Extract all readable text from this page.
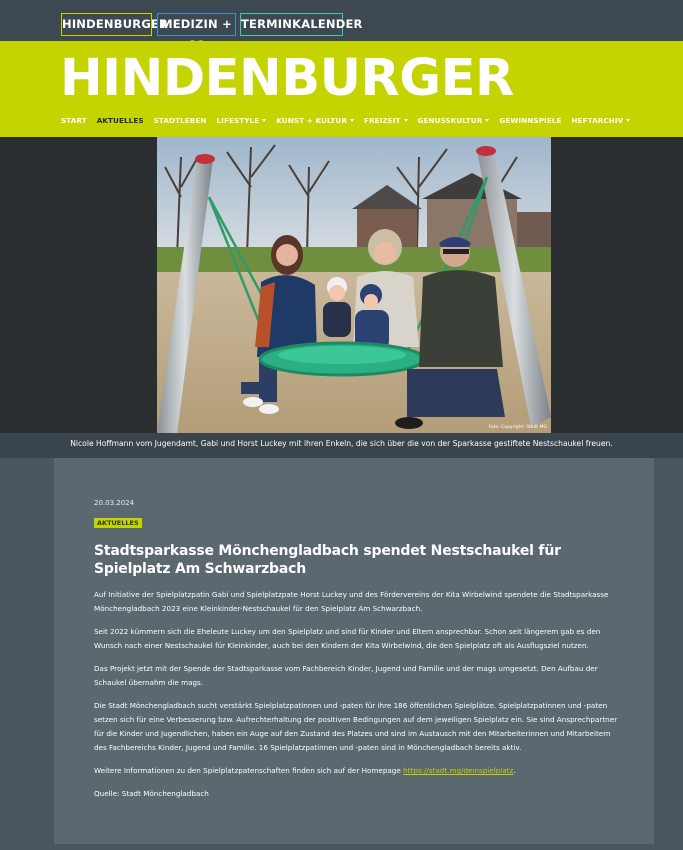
HINDENBURGER
MEDIZIN + TERMINKALENDER
HINDENBURGER
START AKTUELLES STADTLEBEN LIFESTYLE	KUNST + KULTUR	FREIZEIT	GENUSSKULTUR	GEWINNSPIELE HEFTARCHIV
Foto: Copyright: Stadt MG
Nicole Hoffmann vom Jugendamt, Gabi und Horst Luckey mit ihren Enkeln, die sich über die von der Sparkasse gestiftete Nestschaukel freuen.
20.03.2024
AKTUELLES
Stadtsparkasse Mönchengladbach spendet Nestschaukel für Spielplatz Am Schwarzbach

Auf Initiative der Spielplatzpatin Gabi und Spielplatzpate Horst Luckey und des Fördervereins der Kita Wirbelwind spendete die Stadtsparkasse Mönchengladbach 2023 eine Kleinkinder-Nestschaukel für den Spielplatz Am Schwarzbach.

Seit 2022 kümmern sich die Eheleute Luckey um den Spielplatz und sind für Kinder und Eltern ansprechbar. Schon seit längerem gab es den Wunsch nach einer Nestschaukel für Kleinkinder, auch bei den Kindern der Kita Wirbelwind, die den Spielplatz oft als Ausflugsziel nutzen.

Das Projekt jetzt mit der Spende der Stadtsparkasse vom Fachbereich Kinder, Jugend und Familie und der mags umgesetzt. Den Aufbau der Schaukel übernahm die mags.

Die Stadt Mönchengladbach sucht verstärkt Spielplatzpatinnen und -paten für ihre 186 öffentlichen Spielplätze. Spielplatzpatinnen und -paten setzen sich für eine Verbesserung bzw. Aufrechterhaltung der positiven Bedingungen auf dem jeweiligen Spielplatz ein. Sie sind Ansprechpartner für die Kinder und Jugendlichen, haben ein Auge auf den Zustand des Platzes und sind im Austausch mit den Mitarbeiterinnen und Mitarbeitern des Fachbereichs Kinder, Jugend und Familie. 16 Spielplatzpatinnen und -paten sind in Mönchengladbach bereits aktiv.

Weitere Informationen zu den Spielplatzpatenschaften finden sich auf der Homepage https://stadt.mg/deinspielplatz.

Quelle: Stadt Mönchengladbach
